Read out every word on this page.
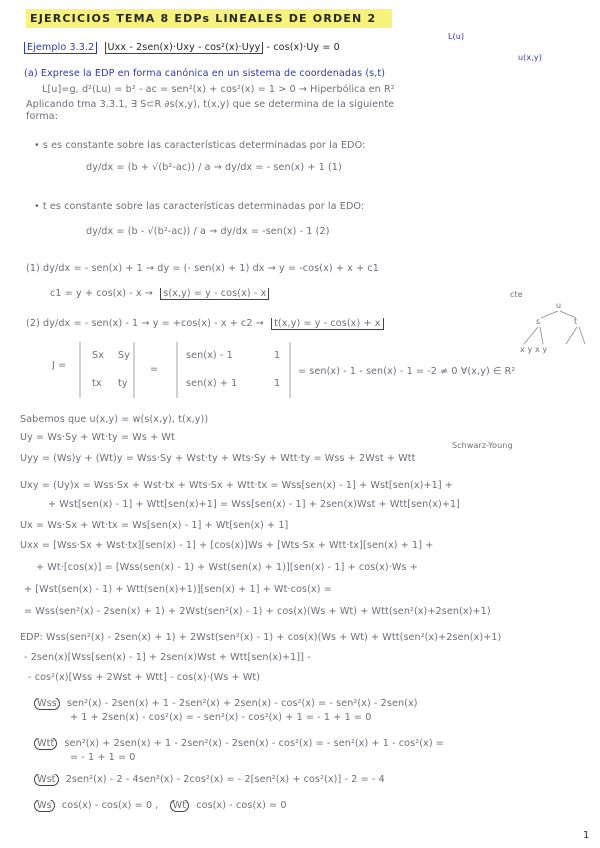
EJERCICIOS TEMA 8 EDPs LINEALES DE ORDEN 2
L(u)
Ejemplo 3.3.2 Uxx - 2sen(x)·Uxy - cos²(x)·Uyy - cos(x)·Uy = 0
u(x,y)
(a) Exprese la EDP en forma canónica en un sistema de coordenadas (s,t)
L[u]=g, d²(Lu) = b² - ac = sen²(x) + cos²(x) = 1 > 0 → Hiperbólica en R²
Aplicando tma 3.3.1, ∃ S⊂R ∂s(x,y), t(x,y) que se determina de la siguiente
forma:
• s es constante sobre las características determinadas por la EDO:
dy/dx = (b + √(b²-ac)) / a → dy/dx = - sen(x) + 1 (1)
• t es constante sobre las características determinadas por la EDO:
dy/dx = (b - √(b²-ac)) / a → dy/dx = -sen(x) - 1 (2)
(1) dy/dx = - sen(x) + 1 → dy = (- sen(x) + 1) dx → y = -cos(x) + x + c1
c1 = y + cos(x) - x → s(x,y) = y - cos(x) - x	cte
(2) dy/dx = - sen(x) - 1 → y = +cos(x) - x + c2 → t(x,y) = y - cos(x) + x
u
s	t
x y x y
J =
Sx Sy
tx ty
=
sen(x) - 1	1
sen(x) + 1	1
= sen(x) - 1 - sen(x) - 1 = -2 ≠ 0 ∀(x,y) ∈ R²
Sabemos que u(x,y) = w(s(x,y), t(x,y))
Schwarz-Young
Uy = Ws·Sy + Wt·ty = Ws + Wt
Uyy = (Ws)y + (Wt)y = Wss·Sy + Wst·ty + Wts·Sy + Wtt·ty = Wss + 2Wst + Wtt
Uxy = (Uy)x = Wss·Sx + Wst·tx + Wts·Sx + Wtt·tx = Wss[sen(x) - 1] + Wst[sen(x)+1] +
+ Wst[sen(x) - 1] + Wtt[sen(x)+1] = Wss[sen(x) - 1] + 2sen(x)Wst + Wtt[sen(x)+1]
Ux = Ws·Sx + Wt·tx = Ws[sen(x) - 1] + Wt[sen(x) + 1]
Uxx = [Wss·Sx + Wst·tx][sen(x) - 1] + [cos(x)]Ws + [Wts·Sx + Wtt·tx][sen(x) + 1] +
+ Wt·[cos(x)] = [Wss(sen(x) - 1) + Wst(sen(x) + 1)][sen(x) - 1] + cos(x)·Ws +
+ [Wst(sen(x) - 1) + Wtt(sen(x)+1)][sen(x) + 1] + Wt·cos(x) =
= Wss(sen²(x) - 2sen(x) + 1) + 2Wst(sen²(x) - 1) + cos(x)(Ws + Wt) + Wtt(sen²(x)+2sen(x)+1)
EDP: Wss(sen²(x) - 2sen(x) + 1) + 2Wst(sen²(x) - 1) + cos(x)(Ws + Wt) + Wtt(sen²(x)+2sen(x)+1)
- 2sen(x)[Wss[sen(x) - 1] + 2sen(x)Wst + Wtt[sen(x)+1]] -
- cos²(x)[Wss + 2Wst + Wtt] - cos(x)·(Ws + Wt)
Wss sen²(x) - 2sen(x) + 1 - 2sen²(x) + 2sen(x) - cos²(x) = - sen²(x) - 2sen(x)
+ 1 + 2sen(x) - cos²(x) = - sen²(x) - cos²(x) + 1 = - 1 + 1 = 0
Wtt sen²(x) + 2sen(x) + 1 - 2sen²(x) - 2sen(x) - cos²(x) = - sen²(x) + 1 - cos²(x) =
= - 1 + 1 = 0
Wst 2sen²(x) - 2 - 4sen²(x) - 2cos²(x) = - 2[sen²(x) + cos²(x)] - 2 = - 4
Ws cos(x) - cos(x) = 0 , Wt cos(x) - cos(x) = 0
1
